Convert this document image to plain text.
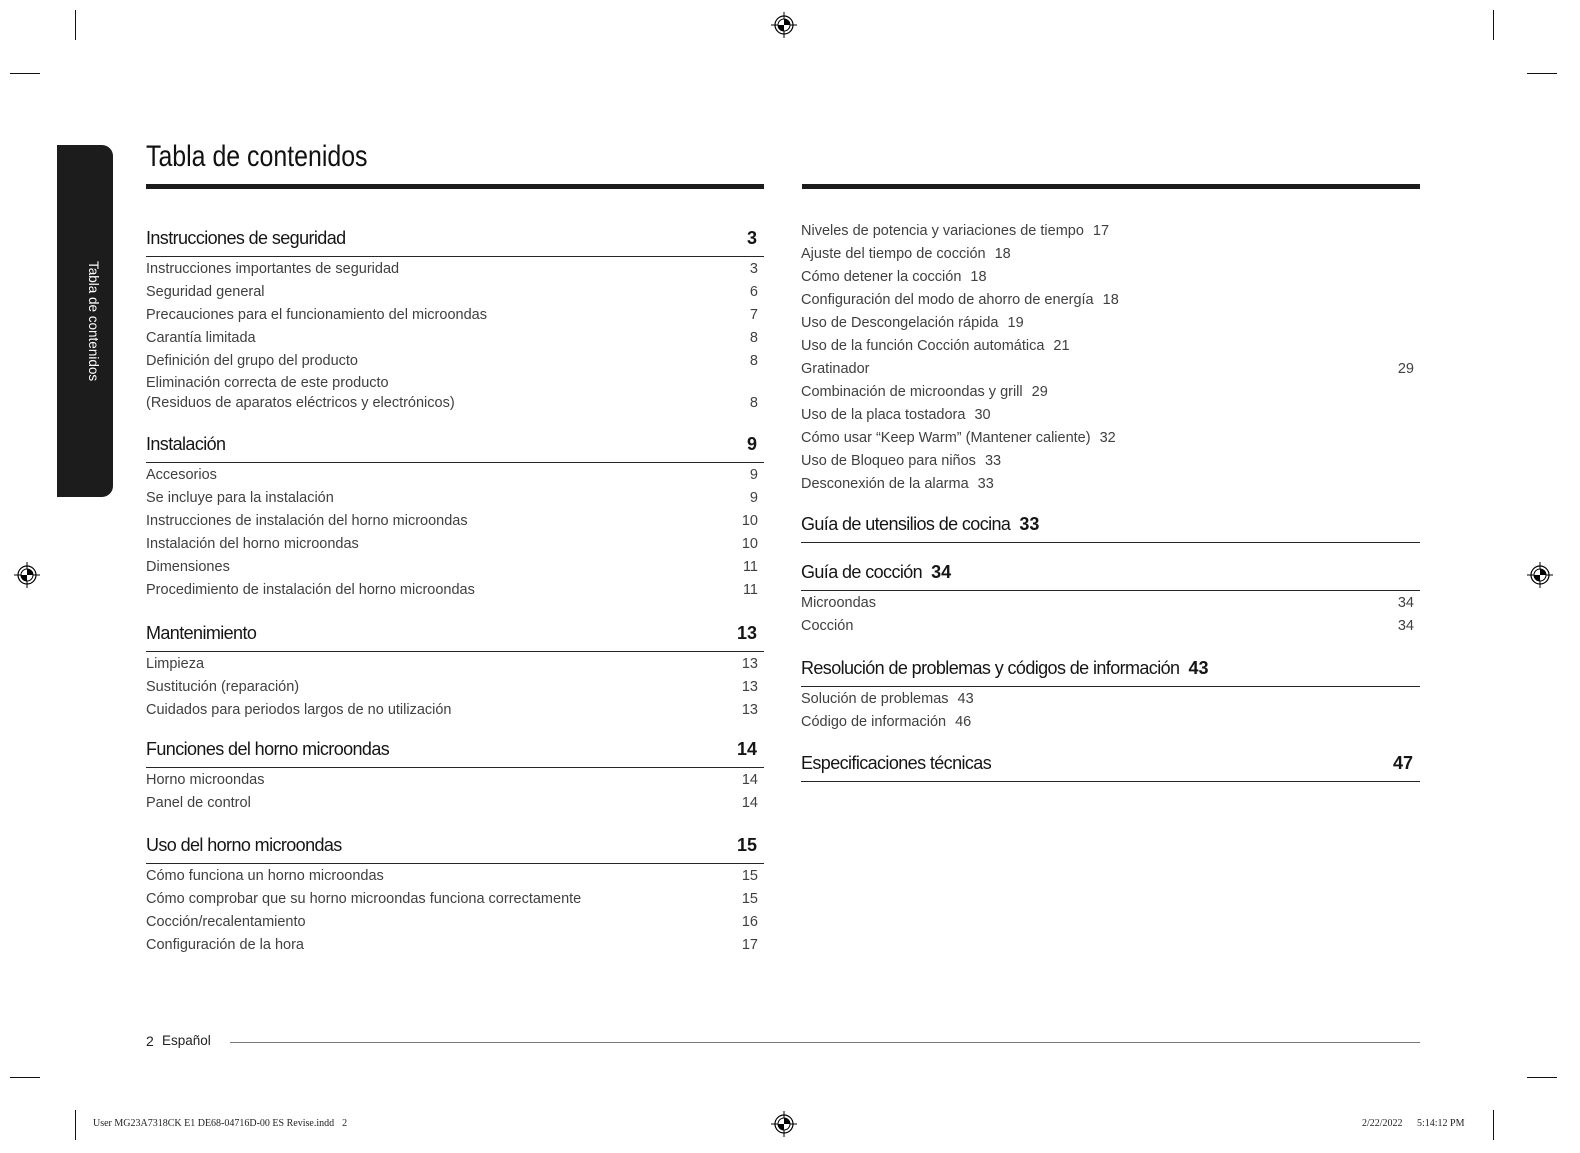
Tabla de contenidos
Tabla de contenidos
Instrucciones de seguridad	3
Instrucciones importantes de seguridad	3
Seguridad general	6
Precauciones para el funcionamiento del microondas	7
Carantía limitada	8
Definición del grupo del producto	8
Eliminación correcta de este producto
(Residuos de aparatos eléctricos y electrónicos)	8
Instalación	9
Accesorios	9
Se incluye para la instalación	9
Instrucciones de instalación del horno microondas	10
Instalación del horno microondas	10
Dimensiones	11
Procedimiento de instalación del horno microondas	11
Mantenimiento	13
Limpieza	13
Sustitución (reparación)	13
Cuidados para periodos largos de no utilización	13
Funciones del horno microondas	14
Horno microondas	14
Panel de control	14
Uso del horno microondas	15
Cómo funciona un horno microondas	15
Cómo comprobar que su horno microondas funciona correctamente	15
Cocción/recalentamiento	16
Configuración de la hora	17
Niveles de potencia y variaciones de tiempo 17
Ajuste del tiempo de cocción 18
Cómo detener la cocción 18
Configuración del modo de ahorro de energía 18
Uso de Descongelación rápida 19
Uso de la función Cocción automática 21
Gratinador	29
Combinación de microondas y grill 29
Uso de la placa tostadora 30
Cómo usar “Keep Warm” (Mantener caliente) 32
Uso de Bloqueo para niños 33
Desconexión de la alarma 33
Guía de utensilios de cocina 33
Guía de cocción 34
Microondas	34
Cocción	34
Resolución de problemas y códigos de información 43
Solución de problemas 43
Código de información 46
Especificaciones técnicas	47
2 Español
User MG23A7318CK E1 DE68-04716D-00 ES Revise.indd 2	2/22/2022 5:14:12 PM
